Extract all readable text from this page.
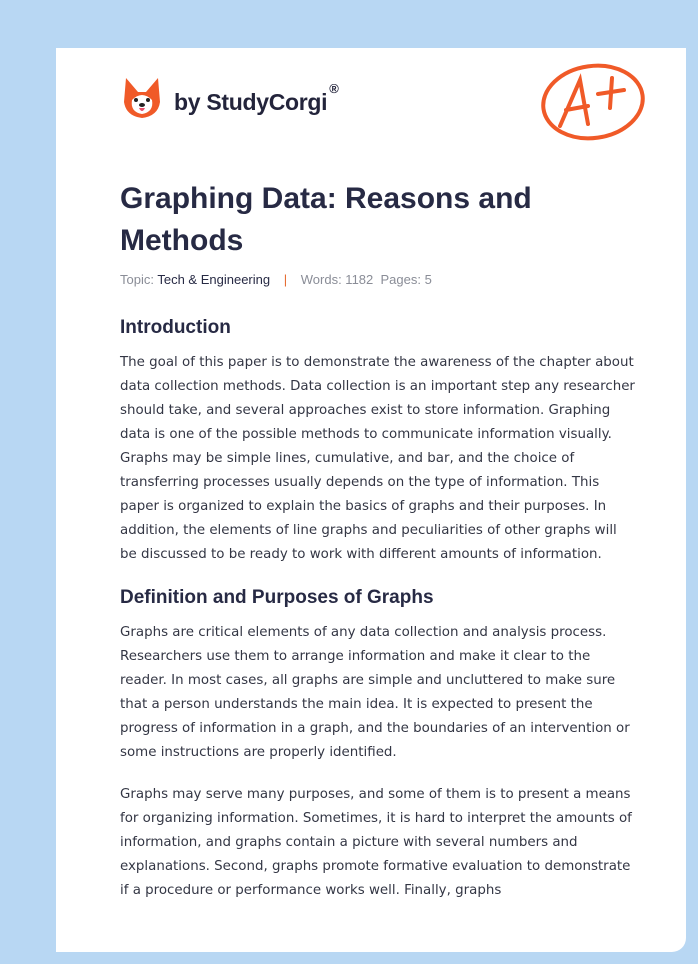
by StudyCorgi®
Graphing Data: Reasons and Methods
Topic: Tech & Engineering | Words: 1182 Pages: 5
Introduction

The goal of this paper is to demonstrate the awareness of the chapter about data collection methods. Data collection is an important step any researcher should take, and several approaches exist to store information. Graphing data is one of the possible methods to communicate information visually. Graphs may be simple lines, cumulative, and bar, and the choice of transferring processes usually depends on the type of information. This paper is organized to explain the basics of graphs and their purposes. In addition, the elements of line graphs and peculiarities of other graphs will be discussed to be ready to work with different amounts of information.

Definition and Purposes of Graphs

Graphs are critical elements of any data collection and analysis process. Researchers use them to arrange information and make it clear to the reader. In most cases, all graphs are simple and uncluttered to make sure that a person understands the main idea. It is expected to present the progress of information in a graph, and the boundaries of an intervention or some instructions are properly identified.

Graphs may serve many purposes, and some of them is to present a means for organizing information. Sometimes, it is hard to interpret the amounts of information, and graphs contain a picture with several numbers and explanations. Second, graphs promote formative evaluation to demonstrate if a procedure or performance works well. Finally, graphs
